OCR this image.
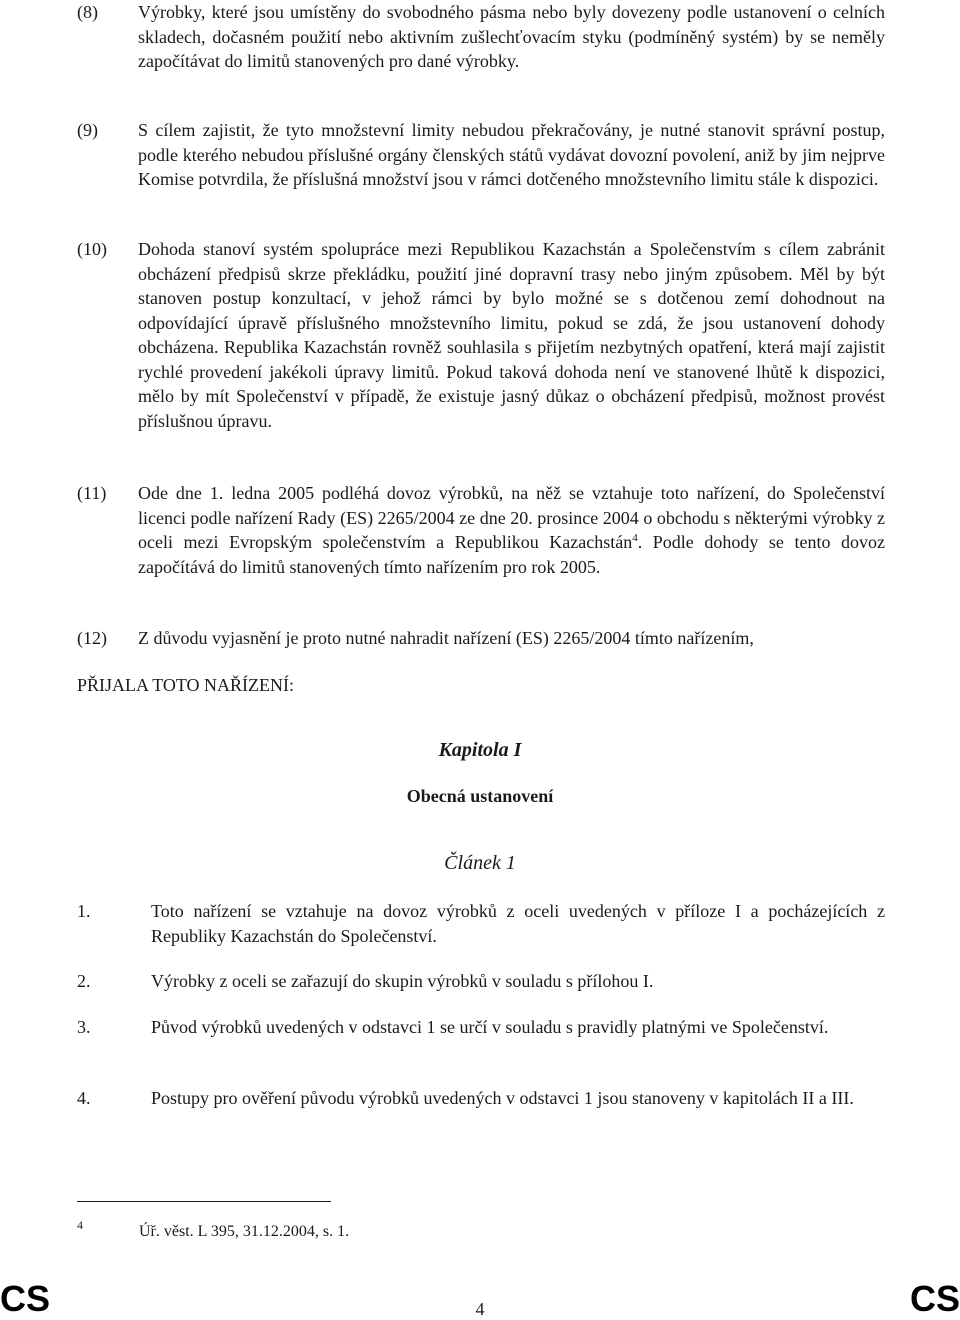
(8)	Výrobky, které jsou umístěny do svobodného pásma nebo byly dovezeny podle ustanovení o celních skladech, dočasném použití nebo aktivním zušlechťovacím styku (podmíněný systém) by se neměly započítávat do limitů stanovených pro dané výrobky.
(9)	S cílem zajistit, že tyto množstevní limity nebudou překračovány, je nutné stanovit správní postup, podle kterého nebudou příslušné orgány členských států vydávat dovozní povolení, aniž by jim nejprve Komise potvrdila, že příslušná množství jsou v rámci dotčeného množstevního limitu stále k dispozici.
(10)	Dohoda stanoví systém spolupráce mezi Republikou Kazachstán a Společenstvím s cílem zabránit obcházení předpisů skrze překládku, použití jiné dopravní trasy nebo jiným způsobem. Měl by být stanoven postup konzultací, v jehož rámci by bylo možné se s dotčenou zemí dohodnout na odpovídající úpravě příslušného množstevního limitu, pokud se zdá, že jsou ustanovení dohody obcházena. Republika Kazachstán rovněž souhlasila s přijetím nezbytných opatření, která mají zajistit rychlé provedení jakékoli úpravy limitů. Pokud taková dohoda není ve stanovené lhůtě k dispozici, mělo by mít Společenství v případě, že existuje jasný důkaz o obcházení předpisů, možnost provést příslušnou úpravu.
(11)	Ode dne 1. ledna 2005 podléhá dovoz výrobků, na něž se vztahuje toto nařízení, do Společenství licenci podle nařízení Rady (ES) 2265/2004 ze dne 20. prosince 2004 o obchodu s některými výrobky z oceli mezi Evropským společenstvím a Republikou Kazachstán$^4$. Podle dohody se tento dovoz započítává do limitů stanovených tímto nařízením pro rok 2005.
(12)	Z důvodu vyjasnění je proto nutné nahradit nařízení (ES) 2265/2004 tímto nařízením,
PŘIJALA TOTO NAŘÍZENÍ:
Kapitola I
Obecná ustanovení
Článek 1
1.	Toto nařízení se vztahuje na dovoz výrobků z oceli uvedených v příloze I a pocházejících z Republiky Kazachstán do Společenství.
2.	Výrobky z oceli se zařazují do skupin výrobků v souladu s přílohou I.
3.	Původ výrobků uvedených v odstavci 1 se určí v souladu s pravidly platnými ve Společenství.
4.	Postupy pro ověření původu výrobků uvedených v odstavci 1 jsou stanoveny v kapitolách II a III.
4	Úř. věst. L 395, 31.12.2004, s. 1.
CS	4	CS
